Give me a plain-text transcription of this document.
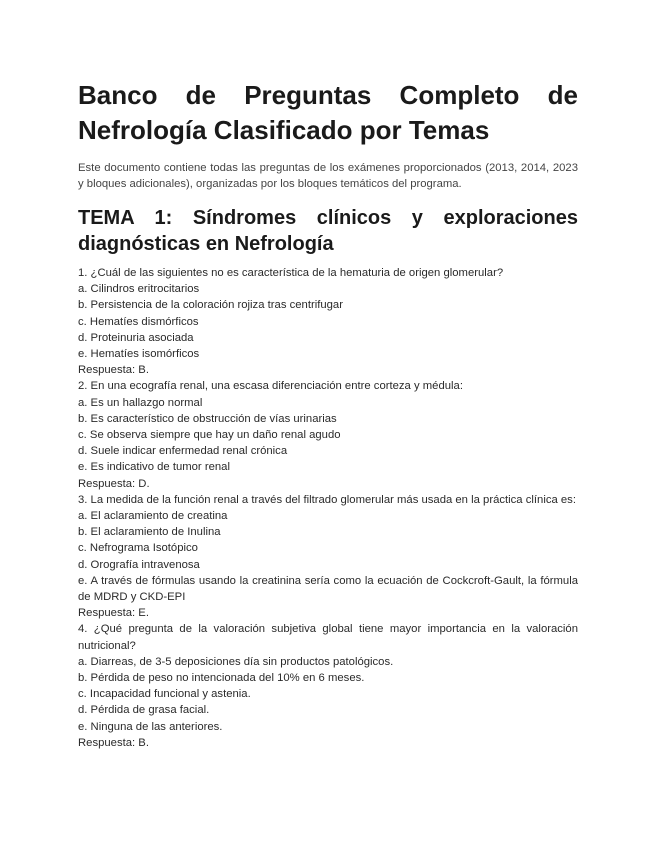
Banco de Preguntas Completo de Nefrología Clasificado por Temas

Este documento contiene todas las preguntas de los exámenes proporcionados (2013, 2014, 2023 y bloques adicionales), organizadas por los bloques temáticos del programa.

TEMA 1: Síndromes clínicos y exploraciones diagnósticas en Nefrología
1. ¿Cuál de las siguientes no es característica de la hematuria de origen glomerular?
a. Cilindros eritrocitarios
b. Persistencia de la coloración rojiza tras centrifugar
c. Hematíes dismórficos
d. Proteinuria asociada
e. Hematíes isomórficos
Respuesta: B.
2. En una ecografía renal, una escasa diferenciación entre corteza y médula:
a. Es un hallazgo normal
b. Es característico de obstrucción de vías urinarias
c. Se observa siempre que hay un daño renal agudo
d. Suele indicar enfermedad renal crónica
e. Es indicativo de tumor renal
Respuesta: D.
3. La medida de la función renal a través del filtrado glomerular más usada en la práctica clínica es:
a. El aclaramiento de creatina
b. El aclaramiento de Inulina
c. Nefrograma Isotópico
d. Orografía intravenosa
e. A través de fórmulas usando la creatinina sería como la ecuación de Cockcroft-Gault, la fórmula de MDRD y CKD-EPI
Respuesta: E.
4. ¿Qué pregunta de la valoración subjetiva global tiene mayor importancia en la valoración nutricional?
a. Diarreas, de 3-5 deposiciones día sin productos patológicos.
b. Pérdida de peso no intencionada del 10% en 6 meses.
c. Incapacidad funcional y astenia.
d. Pérdida de grasa facial.
e. Ninguna de las anteriores.
Respuesta: B.
